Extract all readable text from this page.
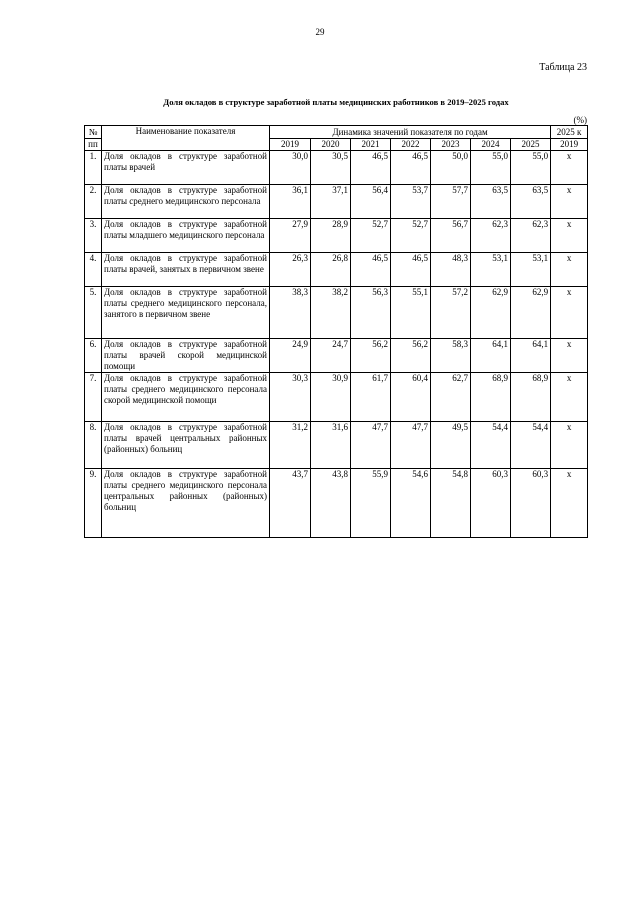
29
Таблица 23
Доля окладов в структуре заработной платы медицинских работников в 2019–2025 годах
(%)
№	Наименование показателя	Динамика значений показателя по годам							2025 к
пп		2019	2020	2021	2022	2023	2024	2025	2019
1.	Доля окладов в структуре заработной платы врачей	30,0	30,5	46,5	46,5	50,0	55,0	55,0	х
2.	Доля окладов в структуре заработной платы среднего медицинского персонала	36,1	37,1	56,4	53,7	57,7	63,5	63,5	х
3.	Доля окладов в структуре заработной платы младшего медицинского персонала	27,9	28,9	52,7	52,7	56,7	62,3	62,3	х
4.	Доля окладов в структуре заработной платы врачей, занятых в первичном звене	26,3	26,8	46,5	46,5	48,3	53,1	53,1	х
5.	Доля окладов в структуре заработной платы среднего медицинского персонала, занятого в первичном звене	38,3	38,2	56,3	55,1	57,2	62,9	62,9	х
6.	Доля окладов в структуре заработной платы врачей скорой медицинской помощи	24,9	24,7	56,2	56,2	58,3	64,1	64,1	х
7.	Доля окладов в структуре заработной платы среднего медицинского персонала скорой медицинской помощи	30,3	30,9	61,7	60,4	62,7	68,9	68,9	х
8.	Доля окладов в структуре заработной платы врачей центральных районных (районных) больниц	31,2	31,6	47,7	47,7	49,5	54,4	54,4	х
9.	Доля окладов в структуре заработной платы среднего медицинского персонала центральных районных (районных) больниц	43,7	43,8	55,9	54,6	54,8	60,3	60,3	х
